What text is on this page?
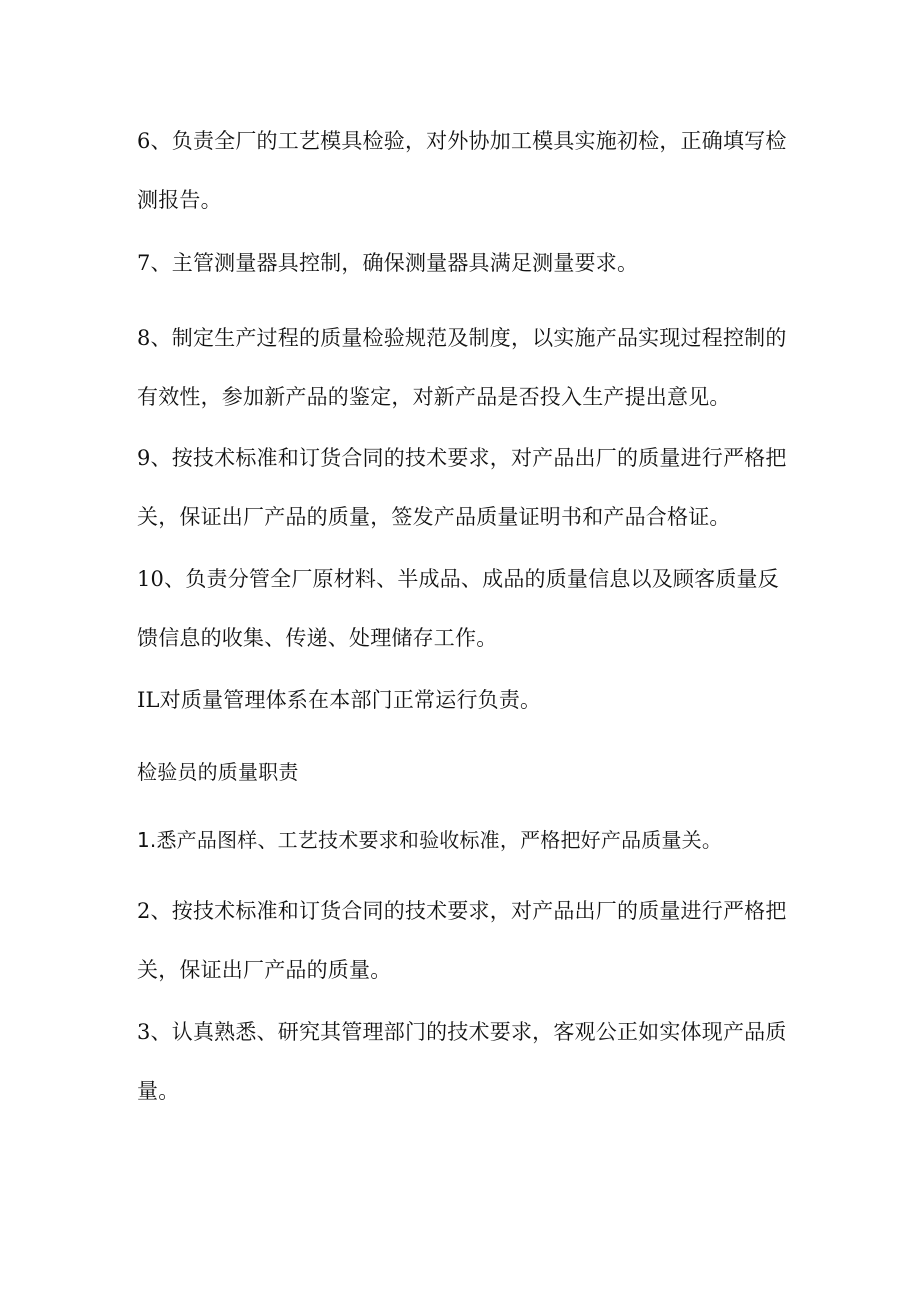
6、负责全厂的工艺模具检验，对外协加工模具实施初检，正确填写检测报告。

7、主管测量器具控制，确保测量器具满足测量要求。

8、制定生产过程的质量检验规范及制度，以实施产品实现过程控制的有效性，参加新产品的鉴定，对新产品是否投入生产提出意见。

9、按技术标准和订货合同的技术要求，对产品出厂的质量进行严格把关，保证出厂产品的质量，签发产品质量证明书和产品合格证。

10、负责分管全厂原材料、半成品、成品的质量信息以及顾客质量反馈信息的收集、传递、处理储存工作。

IL对质量管理体系在本部门正常运行负责。

检验员的质量职责

1.悉产品图样、工艺技术要求和验收标准，严格把好产品质量关。

2、按技术标准和订货合同的技术要求，对产品出厂的质量进行严格把关，保证出厂产品的质量。

3、认真熟悉、研究其管理部门的技术要求，客观公正如实体现产品质量。
